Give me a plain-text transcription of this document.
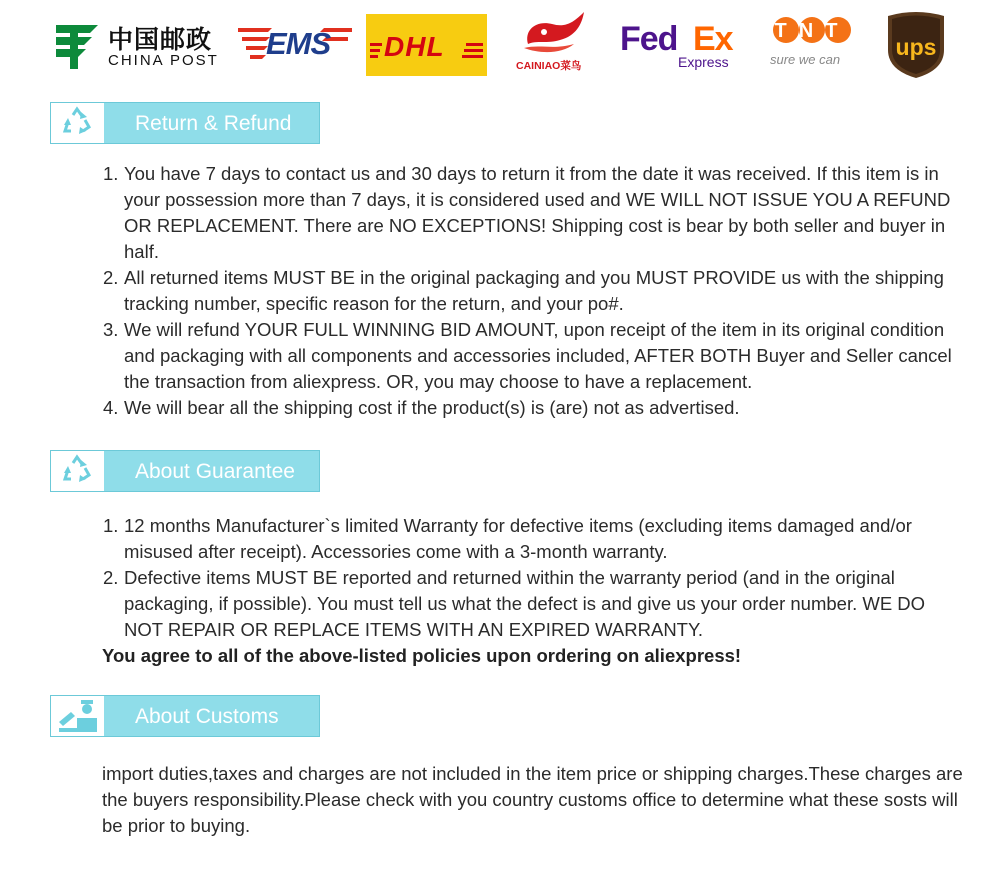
中国邮政
CHINA POST EMS DHL
CAINIAO菜鸟
Fed Ex
Express
TNT
sure we can	ups
Return & Refund
1. You have 7 days to contact us and 30 days to return it from the date it was received. If this item is in your possession more than 7 days, it is considered used and WE WILL NOT ISSUE YOU A REFUND OR REPLACEMENT. There are NO EXCEPTIONS! Shipping cost is bear by both seller and buyer in half.
2. All returned items MUST BE in the original packaging and you MUST PROVIDE us with the shipping tracking number, specific reason for the return, and your po#.
3. We will refund YOUR FULL WINNING BID AMOUNT, upon receipt of the item in its original condition and packaging with all components and accessories included, AFTER BOTH Buyer and Seller cancel the transaction from aliexpress. OR, you may choose to have a replacement.
4. We will bear all the shipping cost if the product(s) is (are) not as advertised.
About Guarantee
1. 12 months Manufacturer`s limited Warranty for defective items (excluding items damaged and/or misused after receipt). Accessories come with a 3-month warranty.
2. Defective items MUST BE reported and returned within the warranty period (and in the original packaging, if possible). You must tell us what the defect is and give us your order number. WE DO NOT REPAIR OR REPLACE ITEMS WITH AN EXPIRED WARRANTY.
You agree to all of the above-listed policies upon ordering on aliexpress!
About Customs
import duties,taxes and charges are not included in the item price or shipping charges.These charges are the buyers responsibility.Please check with you country customs office to determine what these sosts will be prior to buying.
